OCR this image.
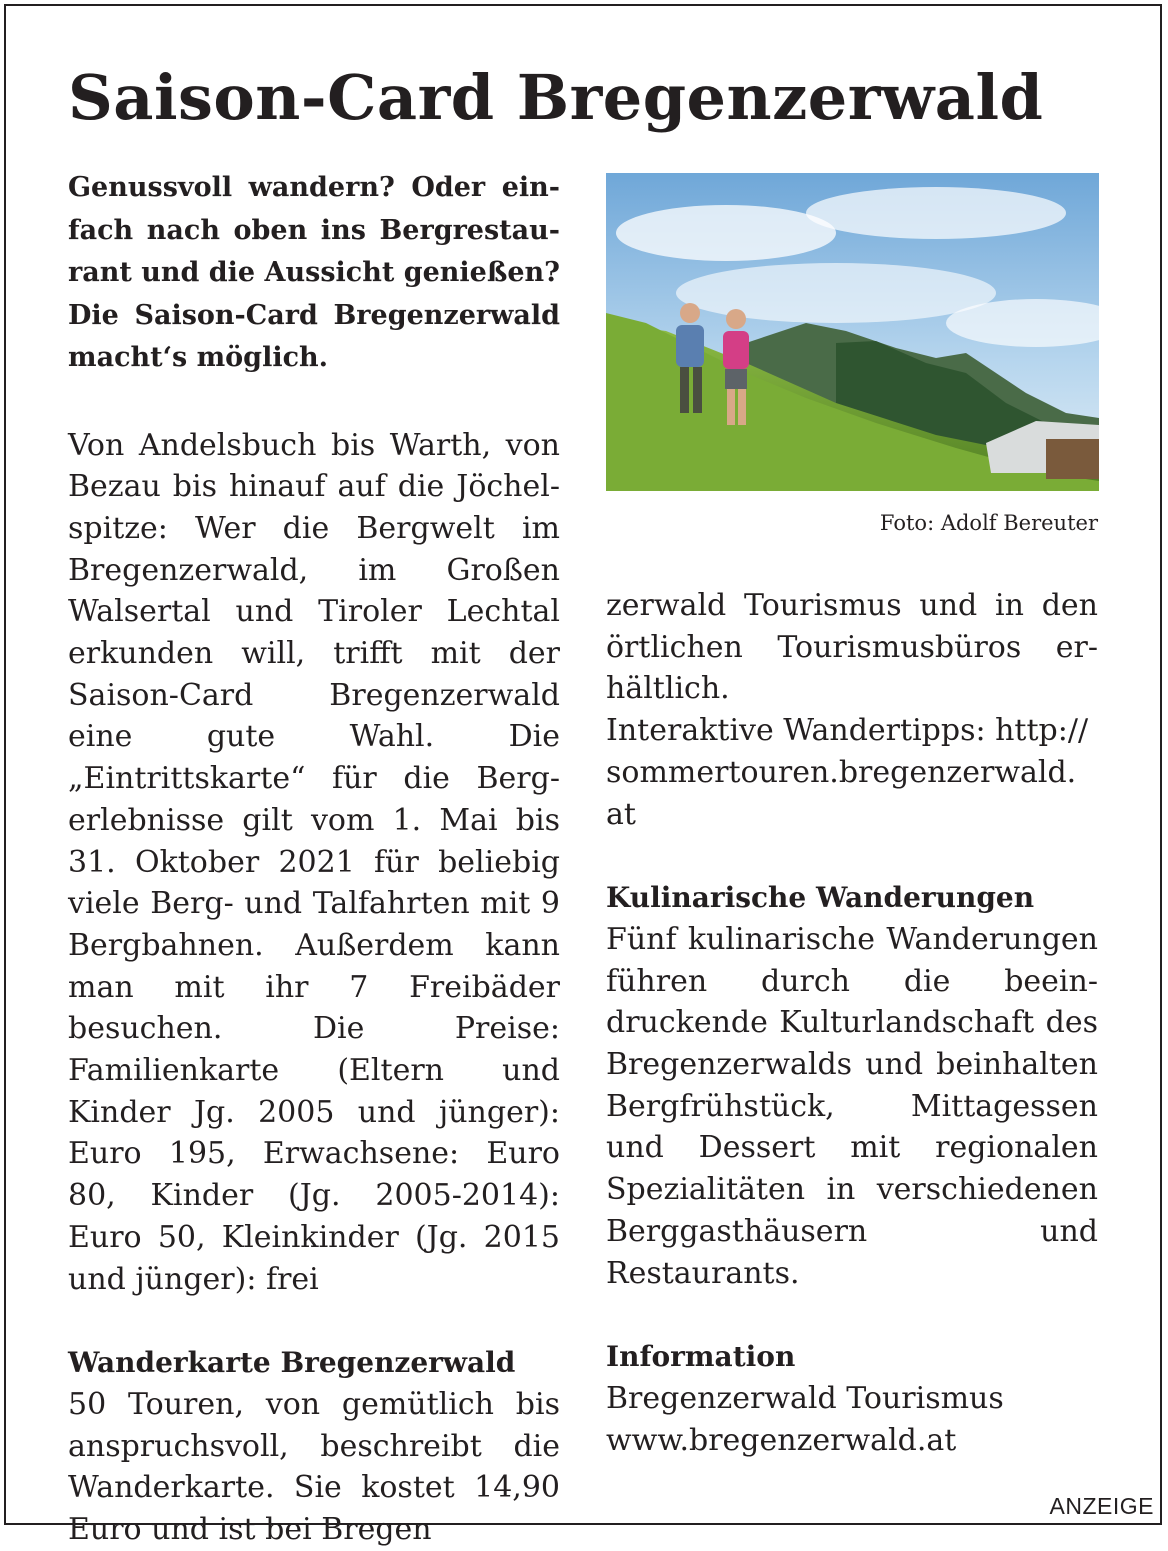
Saison-Card Bregenzerwald

Genussvoll wandern? Oder einfach nach oben ins Bergrestaurant und die Aussicht genießen? Die Saison-Card Bregenzerwald macht‘s möglich.

Von Andelsbuch bis Warth, von Bezau bis hinauf auf die Jöchelspitze: Wer die Bergwelt im Bregenzerwald, im Großen Walsertal und Tiroler Lechtal erkunden will, trifft mit der Saison-Card Bregenzerwald eine gute Wahl. Die „Eintrittskarte“ für die Bergerlebnisse gilt vom 1. Mai bis 31. Oktober 2021 für beliebig viele Berg- und Talfahrten mit 9 Bergbahnen. Außerdem kann man mit ihr 7 Freibäder besuchen. Die Preise: Familienkarte (Eltern und Kinder Jg. 2005 und jünger): Euro 195, Erwachsene: Euro 80, Kinder (Jg. 2005-2014): Euro 50, Kleinkinder (Jg. 2015 und jünger): frei

Wanderkarte Bregenzerwald

50 Touren, von gemütlich bis anspruchsvoll, beschreibt die Wanderkarte. Sie kostet 14,90 Euro und ist bei Bregen

Foto: Adolf Bereuter

zerwald Tourismus und in den örtlichen Tourismusbüros erhältlich.

Interaktive Wandertipps: http:// sommertouren.bregenzerwald. at

Kulinarische Wanderungen

Fünf kulinarische Wanderungen führen durch die beeindruckende Kulturlandschaft des Bregenzerwalds und beinhalten Bergfrühstück, Mittagessen und Dessert mit regionalen Spezialitäten in verschiedenen Berggasthäusern und Restaurants.

Information

Bregenzerwald Tourismus

www.bregenzerwald.at

ANZEIGE
